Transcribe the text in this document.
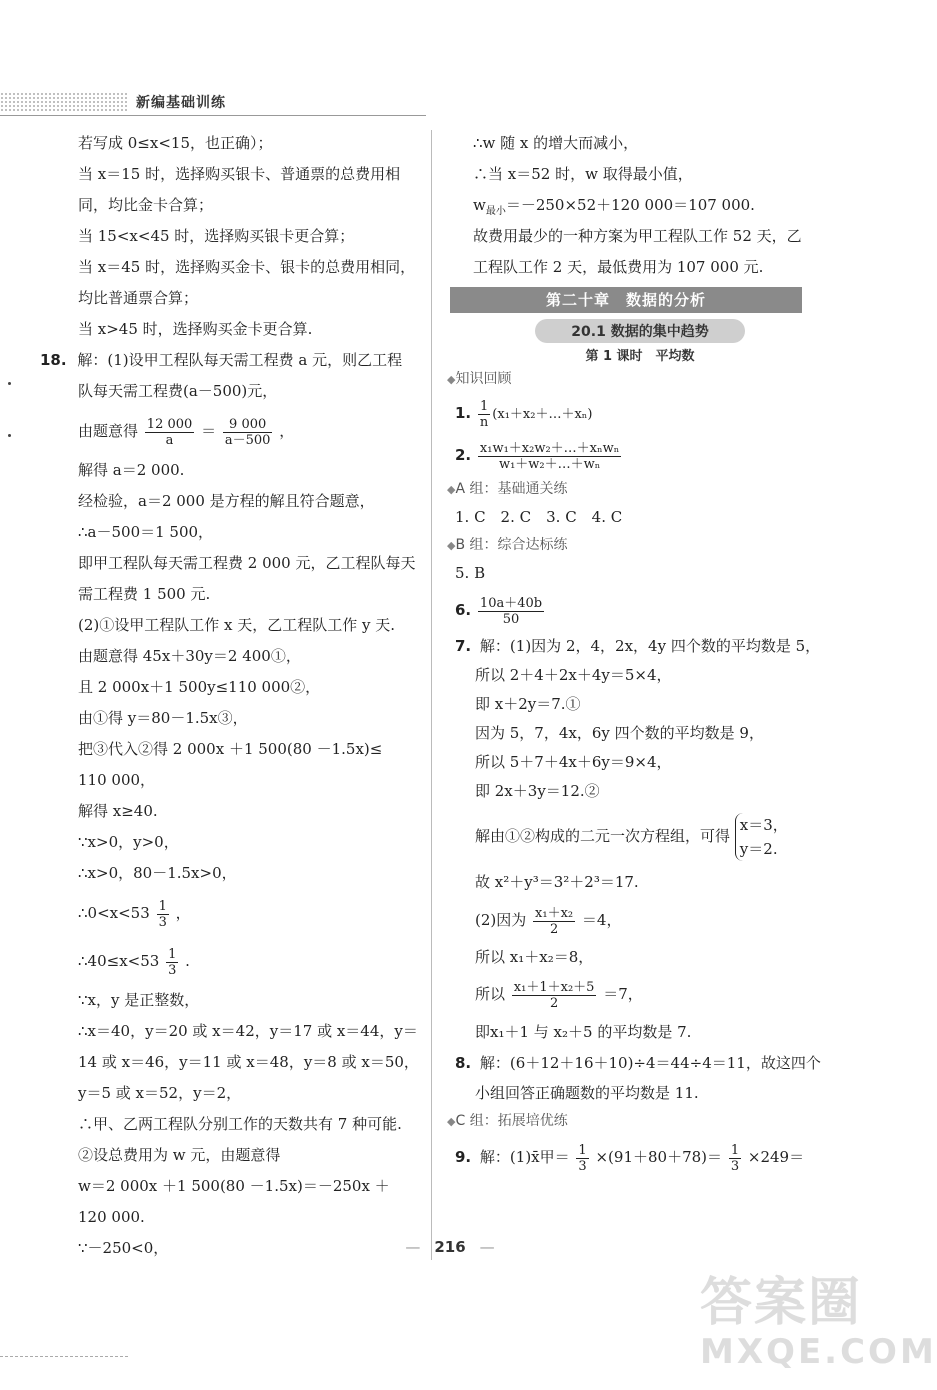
新编基础训练

若写成 0≤x<15，也正确）；

当 x＝15 时，选择购买银卡、普通票的总费用相

同，均比金卡合算；

当 15<x<45 时，选择购买银卡更合算；

当 x＝45 时，选择购买金卡、银卡的总费用相同，

均比普通票合算；

当 x>45 时，选择购买金卡更合算.

18. 解：(1)设甲工程队每天需工程费 a 元，则乙工程

队每天需工程费(a－500)元，

由题意得 $\frac{12 000}{a} = \frac{9 000}{a-500}$ ，

解得 a＝2 000.

经检验，a＝2 000 是方程的解且符合题意，

∴a－500＝1 500，

即甲工程队每天需工程费 2 000 元，乙工程队每天

需工程费 1 500 元.

(2)①设甲工程队工作 x 天，乙工程队工作 y 天.

由题意得 45x＋30y＝2 400①，

且 2 000x＋1 500y≤110 000②，

由①得 y＝80－1.5x③，

把③代入②得 2 000x ＋1 500(80 －1.5x)≤

110 000，

解得 x≥40.

∵x>0，y>0，

∴x>0，80－1.5x>0，

∴0<x<53 $\frac{1}{3}$ ，

∴40≤x<53 $\frac{1}{3}$ .

∵x，y 是正整数，

∴x＝40，y＝20 或 x＝42，y＝17 或 x＝44，y＝

14 或 x＝46，y＝11 或 x＝48，y＝8 或 x＝50，

y＝5 或 x＝52，y＝2，

∴甲、乙两工程队分别工作的天数共有 7 种可能.

②设总费用为 w 元，由题意得

w＝2 000x ＋1 500(80 －1.5x)＝－250x ＋

120 000.

∵－250<0，

∴w 随 x 的增大而减小，

∴当 x＝52 时，w 取得最小值，

$w_{最小}=-250\times 52+120$ 000＝107 000.

故费用最少的一种方案为甲工程队工作 52 天，乙

工程队工作 2 天，最低费用为 107 000 元.

第二十章　数据的分析
20.1 数据的集中趋势
第 1 课时　平均数

◆知识回顾

1. $\frac{1}{n}$ (x₁＋x₂＋…＋xₙ)

2. $\frac{\text{x₁w₁＋x₂w₂＋…＋xₙwₙ}}{\text{w₁＋w₂＋…＋wₙ}}$

◆A 组：基础通关练

1. C　2. C　3. C　4. C

◆B 组：综合达标练

5. B

6. $\frac{10a+40b}{50}$

7. 解：(1)因为 2，4，2x，4y 四个数的平均数是 5，

所以 2＋4＋2x＋4y＝5×4，

即 x＋2y＝7.①

因为 5，7，4x，6y 四个数的平均数是 9，

所以 5＋7＋4x＋6y＝9×4，

即 2x＋3y＝12.②

解由①②构成的二元一次方程组，可得
x＝3，
y＝2.

故 x²＋y³＝3²＋2³＝17.

(2)因为 $\frac{\text{x₁＋x₂}}{2} =4$，

所以 x₁＋x₂＝8，

所以 $\frac{\text{x₁＋1＋x₂＋5}}{2} =7$，

即x₁＋1 与 x₂＋5 的平均数是 7.

8. 解：(6＋12＋16＋10)÷4＝44÷4＝11，故这四个

小组回答正确题数的平均数是 11.

◆C 组：拓展培优练

9. 解：(1)x̄甲＝ $\frac{1}{3} \times(91+80+78)= \frac{1}{3} \times 249=$

— 216 —
答案圈
MXQE.COM
